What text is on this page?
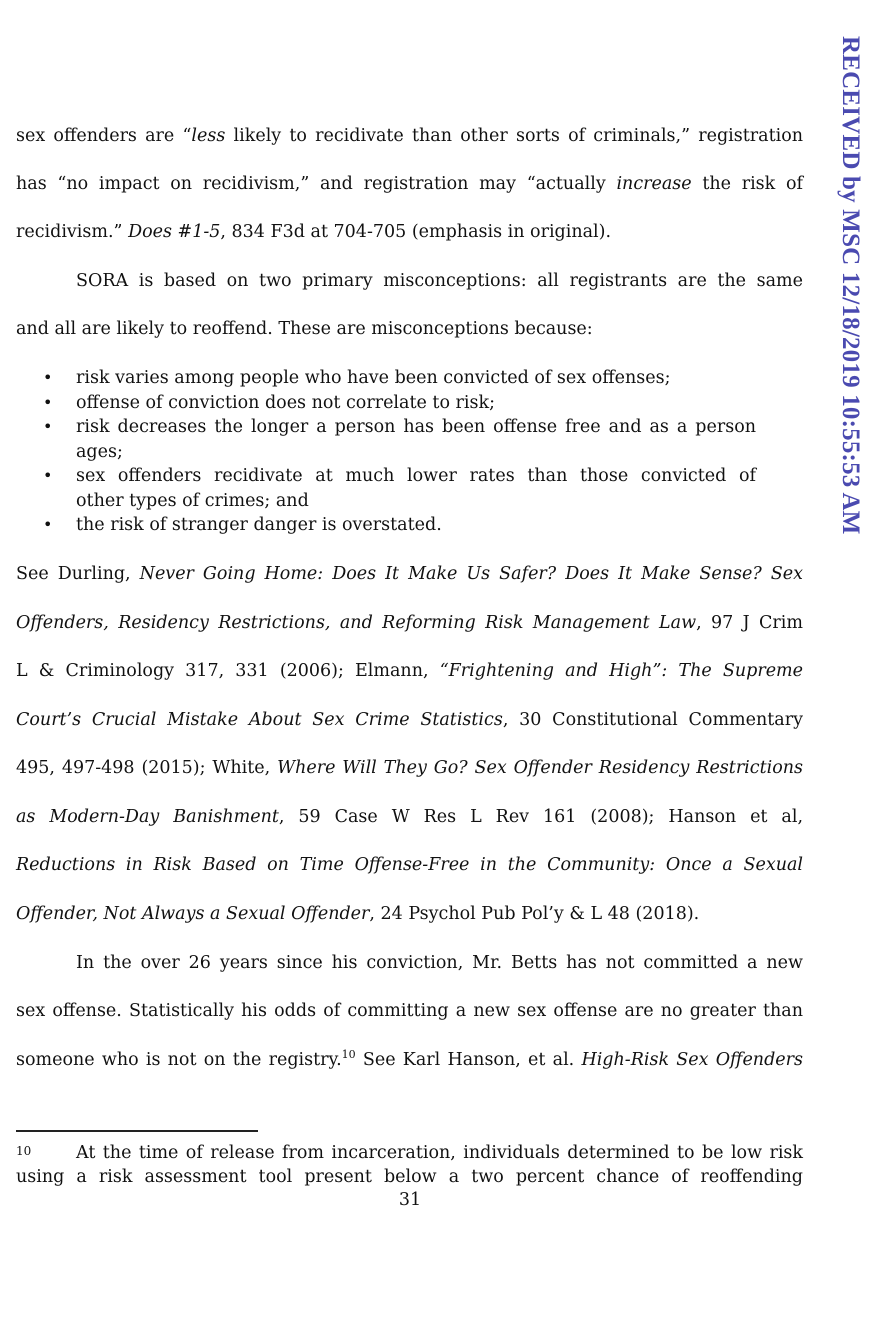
RECEIVED by MSC 12/18/2019 10:55:53 AM
sex offenders are “less likely to recidivate than other sorts of criminals,” registration
has “no impact on recidivism,” and registration may “actually increase the risk of
recidivism.” Does #1-5, 834 F3d at 704-705 (emphasis in original).
SORA is based on two primary misconceptions: all registrants are the same
and all are likely to reoffend. These are misconceptions because:
• risk varies among people who have been convicted of sex offenses;
• offense of conviction does not correlate to risk;
• risk decreases the longer a person has been offense free and as a person
ages;
• sex offenders recidivate at much lower rates than those convicted of
other types of crimes; and
• the risk of stranger danger is overstated.
See Durling, Never Going Home: Does It Make Us Safer? Does It Make Sense? Sex
Offenders, Residency Restrictions, and Reforming Risk Management Law, 97 J Crim
L & Criminology 317, 331 (2006); Elmann, “Frightening and High”: The Supreme
Court’s Crucial Mistake About Sex Crime Statistics, 30 Constitutional Commentary
495, 497-498 (2015); White, Where Will They Go? Sex Offender Residency Restrictions
as Modern-Day Banishment, 59 Case W Res L Rev 161 (2008); Hanson et al,
Reductions in Risk Based on Time Offense-Free in the Community: Once a Sexual
Offender, Not Always a Sexual Offender, 24 Psychol Pub Pol’y & L 48 (2018).
In the over 26 years since his conviction, Mr. Betts has not committed a new
sex offense. Statistically his odds of committing a new sex offense are no greater than
someone who is not on the registry.$^{10}$ See Karl Hanson, et al. High-Risk Sex Offenders
10	At the time of release from incarceration, individuals determined to be low risk
using a risk assessment tool present below a two percent chance of reoffending
31
